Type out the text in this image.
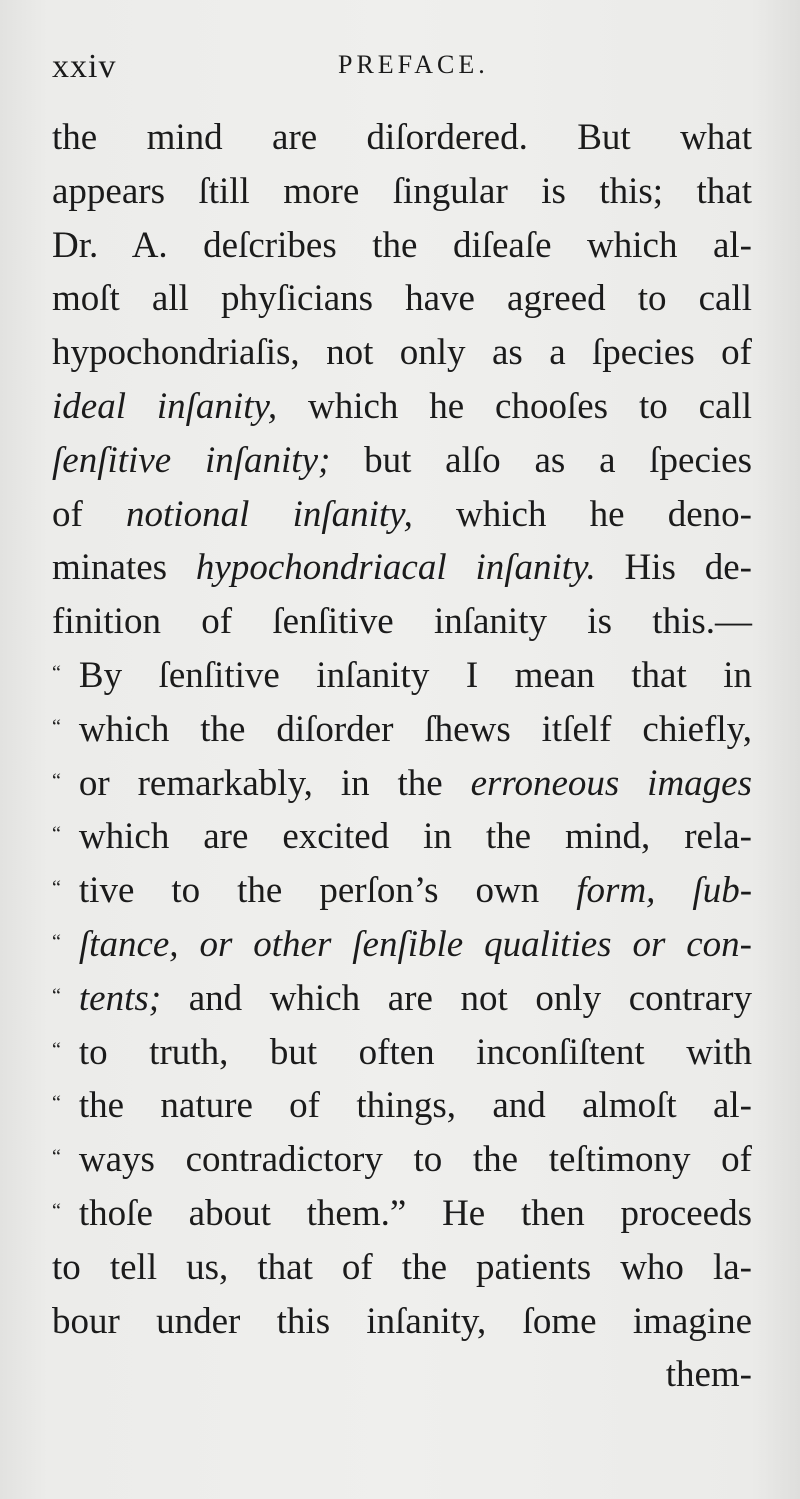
xxiv	PREFACE.
the mind are diſordered. But what
appears ſtill more ſingular is this; that
Dr. A. deſcribes the diſeaſe which al-
moſt all phyſicians have agreed to call
hypochondriaſis, not only as a ſpecies of
ideal inſanity, which he chooſes to call
ſenſitive inſanity; but alſo as a ſpecies
of notional inſanity, which he deno-
minates hypochondriacal inſanity. His de-
finition of ſenſitive inſanity is this.—
“ By ſenſitive inſanity I mean that in
“ which the diſorder ſhews itſelf chiefly,
“ or remarkably, in the erroneous images
“ which are excited in the mind, rela-
“ tive to the perſon’s own form, ſub-
“ ſtance, or other ſenſible qualities or con-
“ tents; and which are not only contrary
“ to truth, but often inconſiſtent with
“ the nature of things, and almoſt al-
“ ways contradictory to the teſtimony of
“ thoſe about them.” He then proceeds
to tell us, that of the patients who la-
bour under this inſanity, ſome imagine
them-
